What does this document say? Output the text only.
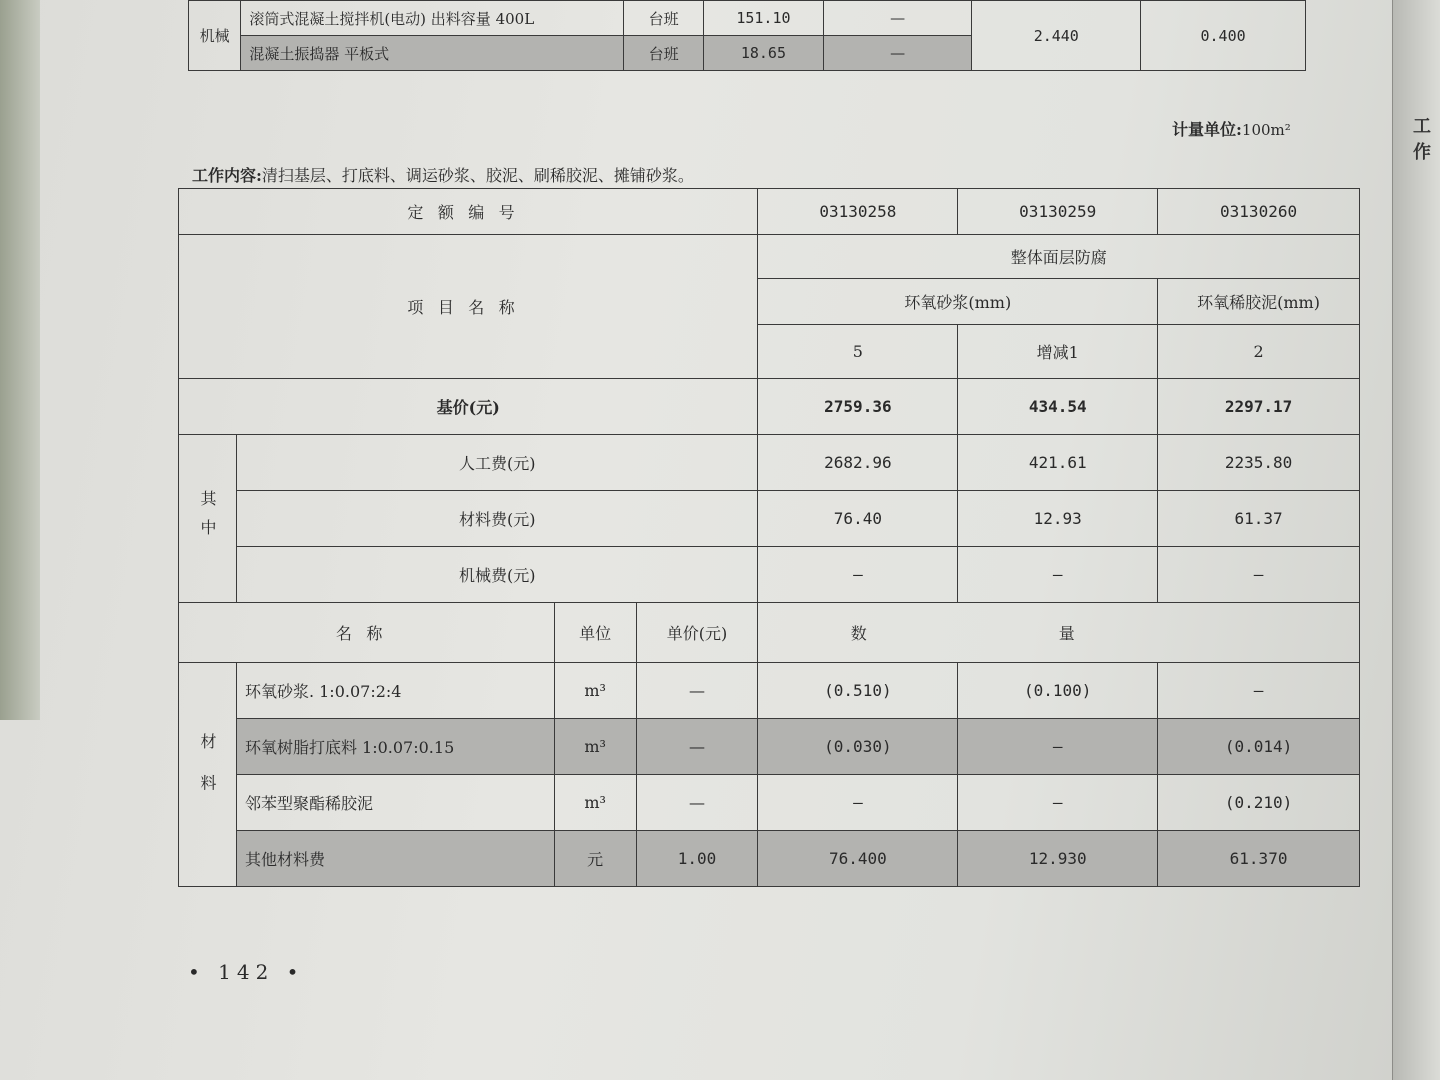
机械	滚筒式混凝土搅拌机(电动) 出料容量 400L	台班	151.10	—	2.440	0.400
	混凝土振捣器 平板式	台班	18.65	—		
计量单位:100m²
工作内容:清扫基层、打底料、调运砂浆、胶泥、刷稀胶泥、摊铺砂浆。
定额编号				03130258	03130259	03130260
项目名称				整体面层防腐		
				环氧砂浆(mm)		环氧稀胶泥(mm)
				5	增减1	2

基价(元)				2759.36	434.54	2297.17
其中	人工费(元)			2682.96	421.61	2235.80
	材料费(元)			76.40	12.93	61.37
	机械费(元)			—	—	—
名称		单位	单价(元)	数量		
材料	环氧砂浆. 1:0.07:2:4	m³	—	(0.510)	(0.100)	—
	环氧树脂打底料 1:0.07:0.15	m³	—	(0.030)	—	(0.014)
	邻苯型聚酯稀胶泥	m³	—	—	—	(0.210)
	其他材料费	元	1.00	76.400	12.930	61.370
• 142 •
工作
